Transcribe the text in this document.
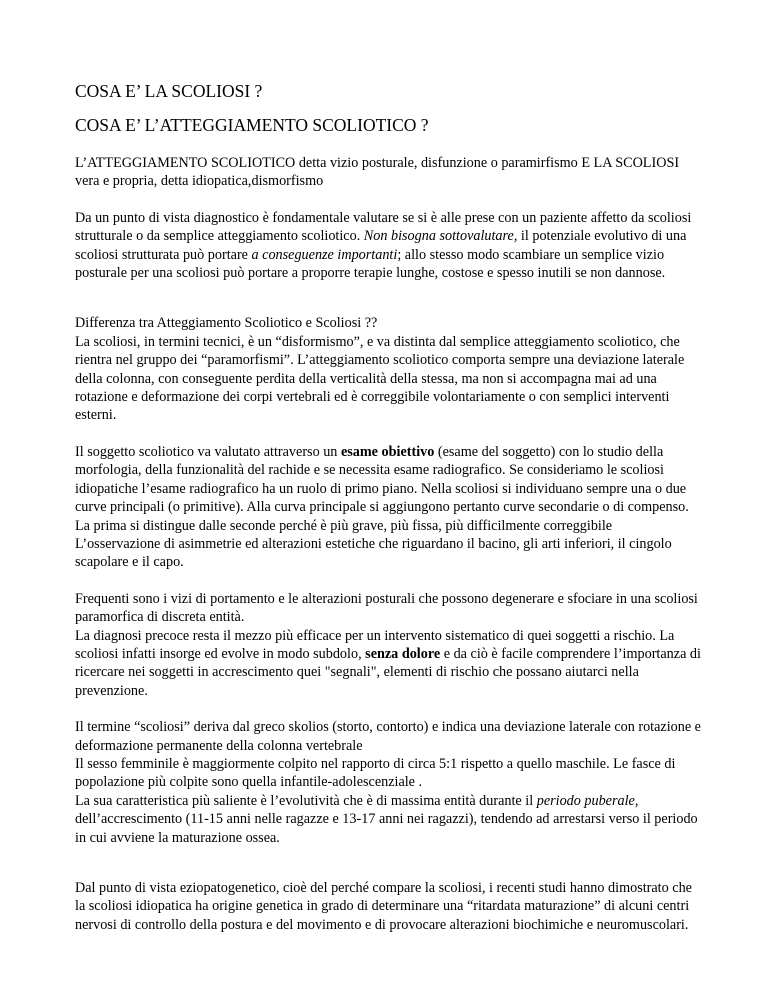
COSA E’ LA SCOLIOSI ?
COSA E’ L’ATTEGGIAMENTO SCOLIOTICO ?

L’ATTEGGIAMENTO SCOLIOTICO detta vizio posturale, disfunzione o paramirfismo E LA SCOLIOSI vera e propria, detta idiopatica,dismorfismo

Da un punto di vista diagnostico è fondamentale valutare se si è alle prese con un paziente affetto da scoliosi strutturale o da semplice atteggiamento scoliotico. Non bisogna sottovalutare, il potenziale evolutivo di una scoliosi strutturata può portare a conseguenze importanti; allo stesso modo scambiare un semplice vizio posturale per una scoliosi può portare a proporre terapie lunghe, costose e spesso inutili se non dannose.

Differenza tra Atteggiamento Scoliotico e Scoliosi ??

La scoliosi, in termini tecnici, è un “disformismo”, e va distinta dal semplice atteggiamento scoliotico, che rientra nel gruppo dei “paramorfismi”. L’atteggiamento scoliotico comporta sempre una deviazione laterale della colonna, con conseguente perdita della verticalità della stessa, ma non si accompagna mai ad una rotazione e deformazione dei corpi vertebrali ed è correggibile volontariamente o con semplici interventi esterni.

Il soggetto scoliotico va valutato attraverso un esame obiettivo (esame del soggetto) con lo studio della morfologia, della funzionalità del rachide e se necessita esame radiografico. Se consideriamo le scoliosi idiopatiche l’esame radiografico ha un ruolo di primo piano. Nella scoliosi si individuano sempre una o due curve principali (o primitive). Alla curva principale si aggiungono pertanto curve secondarie o di compenso. La prima si distingue dalle seconde perché è più grave, più fissa, più difficilmente correggibile

L’osservazione di asimmetrie ed alterazioni estetiche che riguardano il bacino, gli arti inferiori, il cingolo scapolare e il capo.

Frequenti sono i vizi di portamento e le alterazioni posturali che possono degenerare e sfociare in una scoliosi paramorfica di discreta entità.

La diagnosi precoce resta il mezzo più efficace per un intervento sistematico di quei soggetti a rischio. La scoliosi infatti insorge ed evolve in modo subdolo, senza dolore e da ciò è facile comprendere l’importanza di ricercare nei soggetti in accrescimento quei "segnali", elementi di rischio che possano aiutarci nella prevenzione.

Il termine “scoliosi” deriva dal greco skolios (storto, contorto) e indica una deviazione laterale con rotazione e deformazione permanente della colonna vertebrale

Il sesso femminile è maggiormente colpito nel rapporto di circa 5:1 rispetto a quello maschile. Le fasce di popolazione più colpite sono quella infantile-adolescenziale .

La sua caratteristica più saliente è l’evolutività che è di massima entità durante il periodo puberale, dell’accrescimento (11-15 anni nelle ragazze e 13-17 anni nei ragazzi), tendendo ad arrestarsi verso il periodo in cui avviene la maturazione ossea.

Dal punto di vista eziopatogenetico, cioè del perché compare la scoliosi, i recenti studi hanno dimostrato che la scoliosi idiopatica ha origine genetica in grado di determinare una “ritardata maturazione” di alcuni centri nervosi di controllo della postura e del movimento e di provocare alterazioni biochimiche e neuromuscolari.
